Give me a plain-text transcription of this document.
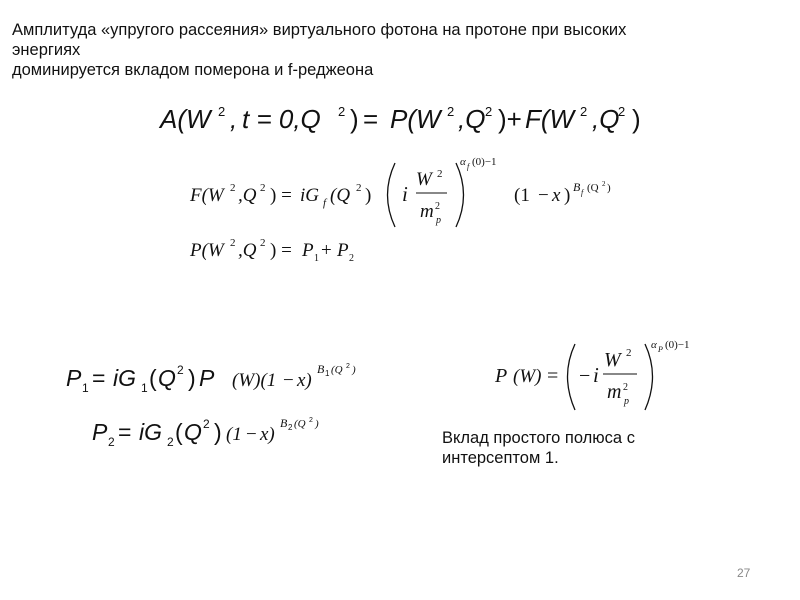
Амплитуда «упругого рассеяния» виртуального фотона на протоне при высоких
энергиях
доминируется вкладом померона и f-реджеона
A(W 2 , t = 0,Q 2 ) = P(W 2 ,Q 2 )+ F(W 2 ,Q
2 )
F(W 2 ,Q 2 ) = iG f (Q 2 ) i
W 2
m 2
p
α f (0)−1
(1 − x ) B f (Q 2 )
P(W 2 ,Q 2 ) = P 1 + P 2
P 1 = iG 1 ( Q 2 ) P (W)(1 − x)
B 1 (Q 2 )
P 2 = iG 2 ( Q 2 ) (1 − x)
B 2 (Q 2 )
P (W) = − i
W 2
m 2
p
α P (0)−1
Вклад простого полюса с
интерсептом 1.
27
